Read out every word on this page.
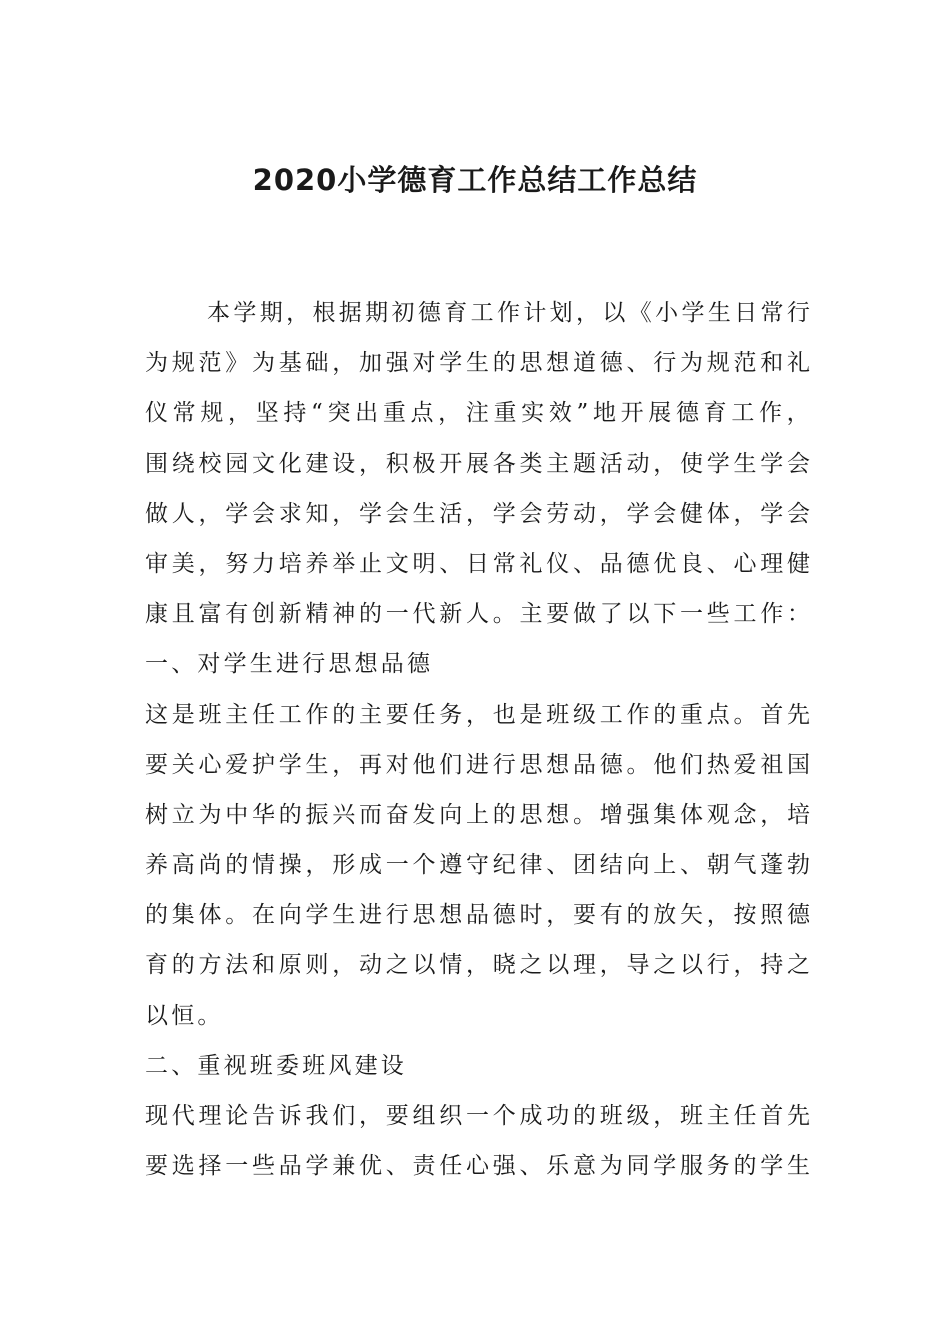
2020小学德育工作总结工作总结
本 学 期 ， 根 据 期 初 德 育 工 作 计 划 ， 以 《 小 学 生 日 常 行
为 规 范 》 为 基 础 ， 加 强 对 学 生 的 思 想 道 德 、 行 为 规 范 和 礼
仪 常 规 ， 坚 持 “ 突 出 重 点 ， 注 重 实 效 ” 地 开 展 德 育 工 作 ，
围 绕 校 园 文 化 建 设 ， 积 极 开 展 各 类 主 题 活 动 ， 使 学 生 学 会
做 人 ， 学 会 求 知 ， 学 会 生 活 ， 学 会 劳 动 ， 学 会 健 体 ， 学 会
审 美 ， 努 力 培 养 举 止 文 明 、 日 常 礼 仪 、 品 德 优 良 、 心 理 健
康 且 富 有 创 新 精 神 的 一 代 新 人 。 主 要 做 了 以 下 一 些 工 作 ：
一、对学生进行思想品德
这 是 班 主 任 工 作 的 主 要 任 务 ， 也 是 班 级 工 作 的 重 点 。 首 先
要 关 心 爱 护 学 生 ， 再 对 他 们 进 行 思 想 品 德 。 他 们 热 爱 祖 国
树 立 为 中 华 的 振 兴 而 奋 发 向 上 的 思 想 。 增 强 集 体 观 念 ， 培
养 高 尚 的 情 操 ， 形 成 一 个 遵 守 纪 律 、 团 结 向 上 、 朝 气 蓬 勃
的 集 体 。 在 向 学 生 进 行 思 想 品 德 时 ， 要 有 的 放 矢 ， 按 照 德
育 的 方 法 和 原 则 ， 动 之 以 情 ， 晓 之 以 理 ， 导 之 以 行 ， 持 之
以恒。
二、重视班委班风建设
现 代 理 论 告 诉 我 们 ， 要 组 织 一 个 成 功 的 班 级 ， 班 主 任 首 先
要 选 择 一 些 品 学 兼 优 、 责 任 心 强 、 乐 意 为 同 学 服 务 的 学 生
